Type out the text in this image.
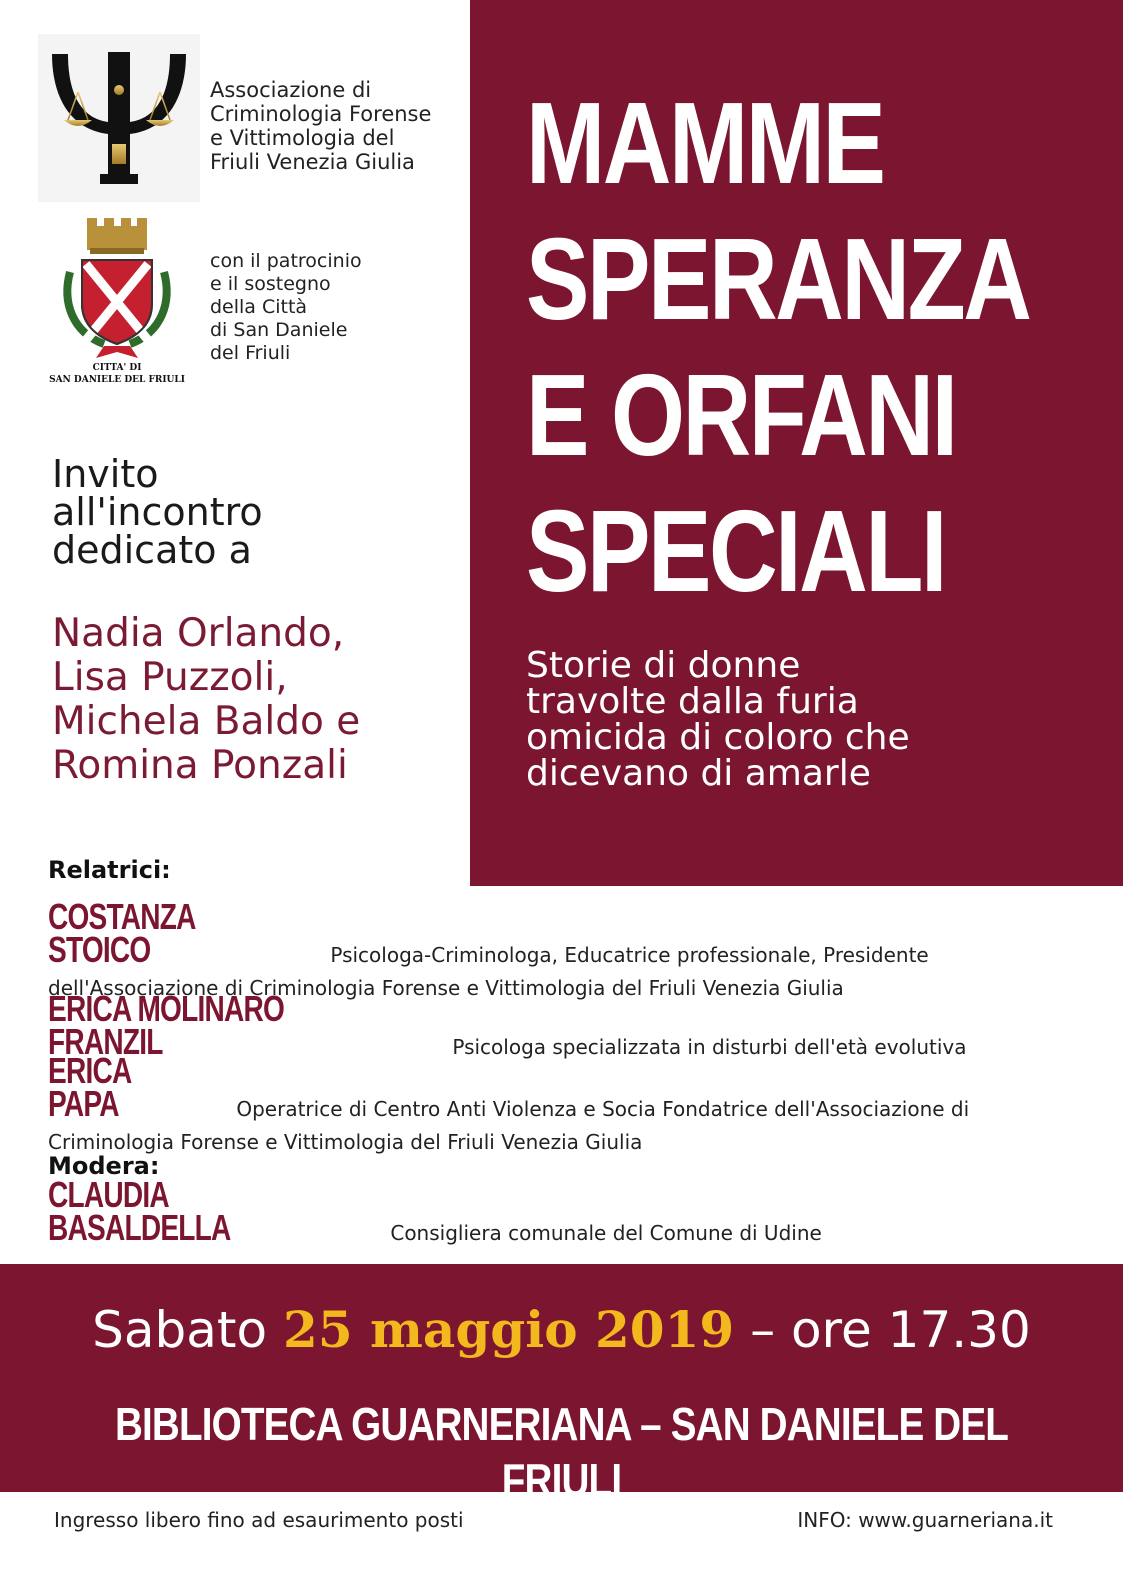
Associazione di
Criminologia Forense
e Vittimologia del
Friuli Venezia Giulia
CITTA' DI
SAN DANIELE DEL FRIULI
con il patrocinio
e il sostegno
della Città
di San Daniele
del Friuli
Invito
all'incontro
dedicato a
Nadia Orlando,
Lisa Puzzoli,
Michela Baldo e
Romina Ponzali
MAMME
SPERANZA
E ORFANI
SPECIALI
Storie di donne
travolte dalla furia
omicida di coloro che
dicevano di amarle
Relatrici:
COSTANZA STOICO	Psicologa-Criminologa, Educatrice professionale, Presidente dell'Associazione di Criminologia Forense e Vittimologia del Friuli Venezia Giulia
ERICA MOLINARO FRANZIL	Psicologa specializzata in disturbi dell'età evolutiva
ERICA PAPA	Operatrice di Centro Anti Violenza e Socia Fondatrice dell'Associazione di Criminologia Forense e Vittimologia del Friuli Venezia Giulia
Modera:
CLAUDIA BASALDELLA	Consigliera comunale del Comune di Udine
Sabato 25 maggio 2019 – ore 17.30
BIBLIOTECA GUARNERIANA – SAN DANIELE DEL FRIULI
Ingresso libero fino ad esaurimento posti	INFO: www.guarneriana.it
